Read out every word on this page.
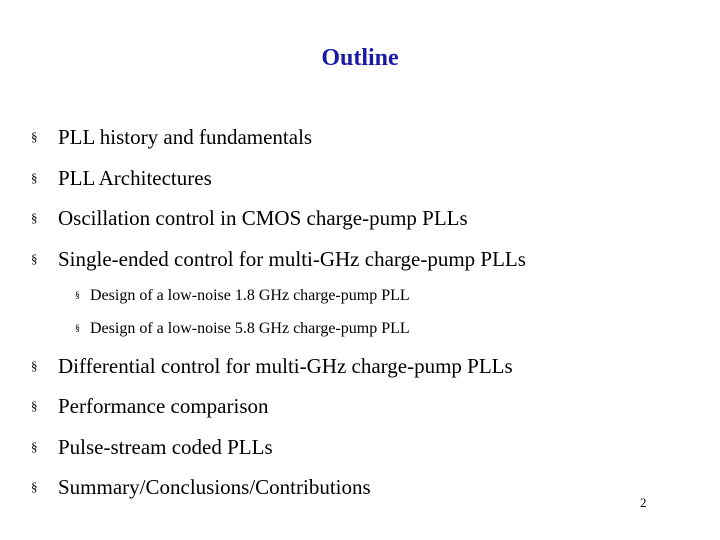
Outline
§ PLL history and fundamentals
§ PLL Architectures
§ Oscillation control in CMOS charge-pump PLLs
§ Single-ended control for multi-GHz charge-pump PLLs
§ Design of a low-noise 1.8 GHz charge-pump PLL
§ Design of a low-noise 5.8 GHz charge-pump PLL
§ Differential control for multi-GHz charge-pump PLLs
§ Performance comparison
§ Pulse-stream coded PLLs
§ Summary/Conclusions/Contributions
2
